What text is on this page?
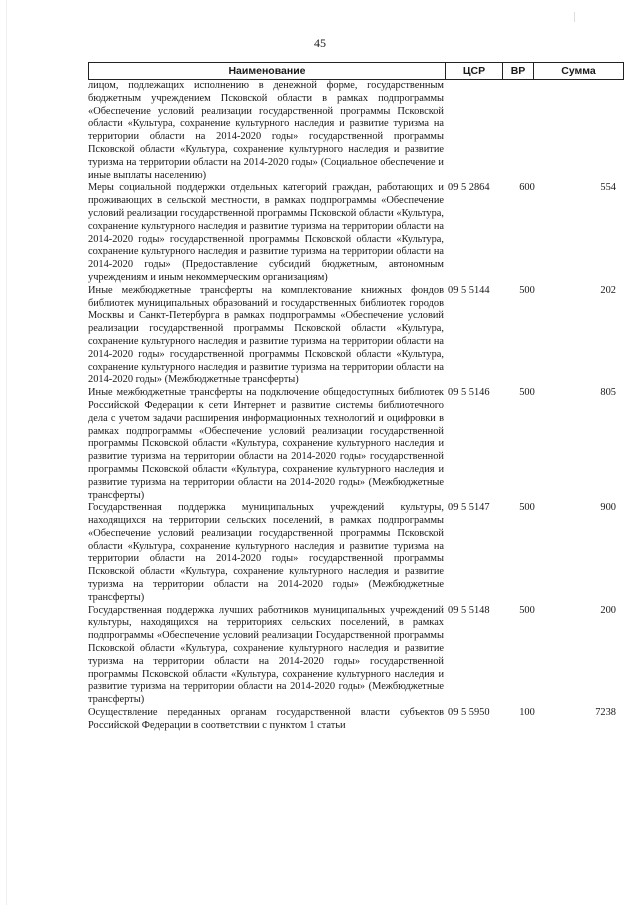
45
Наименование	ЦСР	ВР	Сумма
лицом, подлежащих исполнению в денежной форме, государственным бюджетным учреждением Псковской области в рамках подпрограммы «Обеспечение условий реализации государственной программы Псковской области «Культура, сохранение культурного наследия и развитие туризма на территории области на 2014-2020 годы» государственной программы Псковской области «Культура, сохранение культурного наследия и развитие туризма на территории области на 2014-2020 годы» (Социальное обеспечение и иные выплаты населению)
Меры социальной поддержки отдельных категорий граждан, работающих и проживающих в сельской местности, в рамках подпрограммы «Обеспечение условий реализации государственной программы Псковской области «Культура, сохранение культурного наследия и развитие туризма на территории области на 2014-2020 годы» государственной программы Псковской области «Культура, сохранение культурного наследия и развитие туризма на территории области на 2014-2020 годы» (Предоставление субсидий бюджетным, автономным учреждениям и иным некоммерческим организациям)
09 5 2864	600	554
Иные межбюджетные трансферты на комплектование книжных фондов библиотек муниципальных образований и государственных библиотек городов Москвы и Санкт-Петербурга в рамках подпрограммы «Обеспечение условий реализации государственной программы Псковской области «Культура, сохранение культурного наследия и развитие туризма на территории области на 2014-2020 годы» государственной программы Псковской области «Культура, сохранение культурного наследия и развитие туризма на территории области на 2014-2020 годы» (Межбюджетные трансферты)
09 5 5144	500	202
Иные межбюджетные трансферты на подключение общедоступных библиотек Российской Федерации к сети Интернет и развитие системы библиотечного дела с учетом задачи расширения информационных технологий и оцифровки в рамках подпрограммы «Обеспечение условий реализации государственной программы Псковской области «Культура, сохранение культурного наследия и развитие туризма на территории области на 2014-2020 годы» государственной программы Псковской области «Культура, сохранение культурного наследия и развитие туризма на территории области на 2014-2020 годы» (Межбюджетные трансферты)
09 5 5146	500	805
Государственная поддержка муниципальных учреждений культуры, находящихся на территории сельских поселений, в рамках подпрограммы «Обеспечение условий реализации государственной программы Псковской области «Культура, сохранение культурного наследия и развитие туризма на территории области на 2014-2020 годы» государственной программы Псковской области «Культура, сохранение культурного наследия и развитие туризма на территории области на 2014-2020 годы» (Межбюджетные трансферты)
09 5 5147	500	900
Государственная поддержка лучших работников муниципальных учреждений культуры, находящихся на территориях сельских поселений, в рамках подпрограммы «Обеспечение условий реализации Государственной программы Псковской области «Культура, сохранение культурного наследия и развитие туризма на территории области на 2014-2020 годы» государственной программы Псковской области «Культура, сохранение культурного наследия и развитие туризма на территории области на 2014-2020 годы» (Межбюджетные трансферты)
09 5 5148	500	200
Осуществление переданных органам государственной власти субъектов Российской Федерации в соответствии с пунктом 1 статьи
09 5 5950	100	7238
